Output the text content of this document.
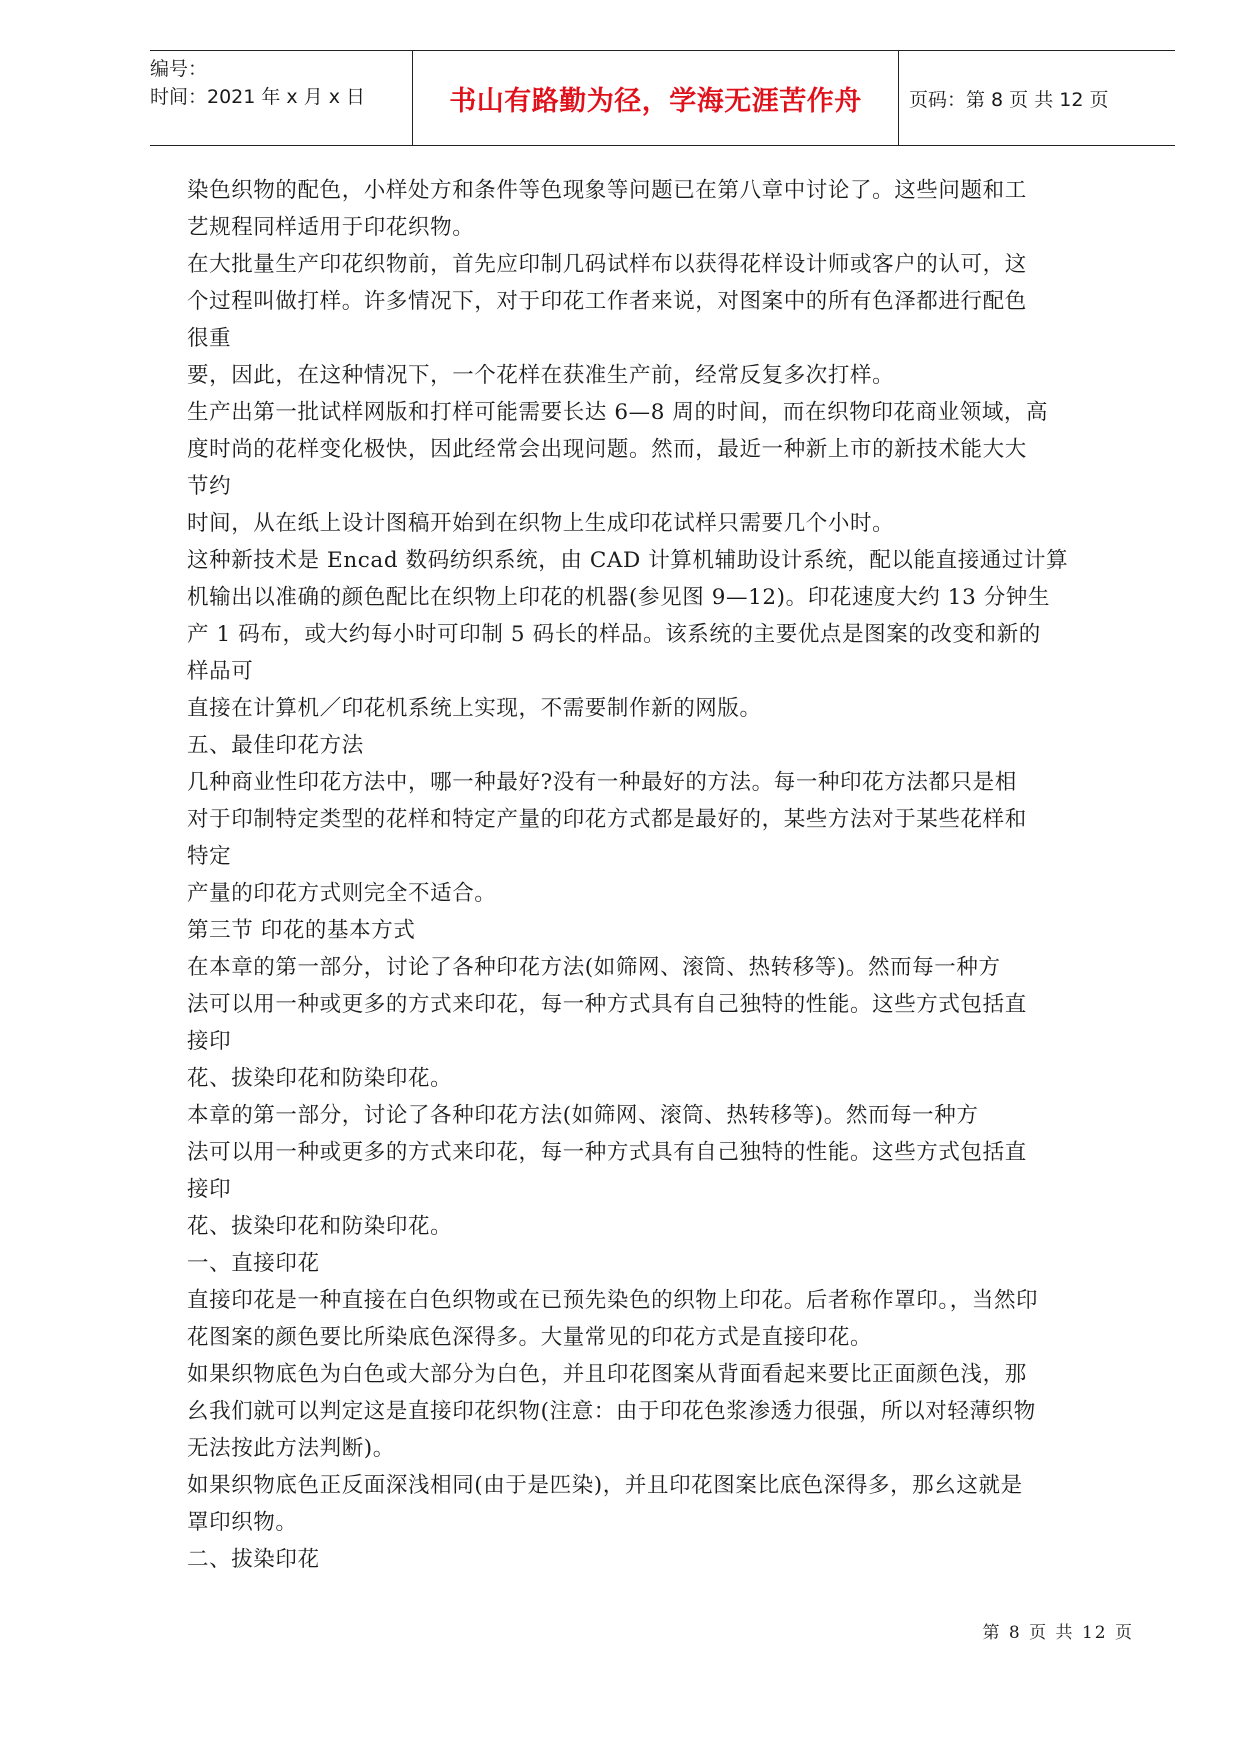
编号：
时间：2021 年 x 月 x 日	书山有路勤为径，学海无涯苦作舟 页码：第 8 页 共 12 页
染色织物的配色，小样处方和条件等色现象等问题已在第八章中讨论了。这些问题和工
艺规程同样适用于印花织物。
在大批量生产印花织物前，首先应印制几码试样布以获得花样设计师或客户的认可，这
个过程叫做打样。许多情况下，对于印花工作者来说，对图案中的所有色泽都进行配色
很重
要，因此，在这种情况下，一个花样在获准生产前，经常反复多次打样。
生产出第一批试样网版和打样可能需要长达 6—8 周的时间，而在织物印花商业领域，高
度时尚的花样变化极快，因此经常会出现问题。然而，最近一种新上市的新技术能大大
节约
时间，从在纸上设计图稿开始到在织物上生成印花试样只需要几个小时。
这种新技术是 Encad 数码纺织系统，由 CAD 计算机辅助设计系统，配以能直接通过计算
机输出以准确的颜色配比在织物上印花的机器(参见图 9—12)。印花速度大约 13 分钟生
产 1 码布，或大约每小时可印制 5 码长的样品。该系统的主要优点是图案的改变和新的
样品可
直接在计算机／印花机系统上实现，不需要制作新的网版。
五、最佳印花方法
几种商业性印花方法中，哪一种最好?没有一种最好的方法。每一种印花方法都只是相
对于印制特定类型的花样和特定产量的印花方式都是最好的，某些方法对于某些花样和
特定
产量的印花方式则完全不适合。
第三节 印花的基本方式
在本章的第一部分，讨论了各种印花方法(如筛网、滚筒、热转移等)。然而每一种方
法可以用一种或更多的方式来印花，每一种方式具有自己独特的性能。这些方式包括直
接印
花、拔染印花和防染印花。
本章的第一部分，讨论了各种印花方法(如筛网、滚筒、热转移等)。然而每一种方
法可以用一种或更多的方式来印花，每一种方式具有自己独特的性能。这些方式包括直
接印
花、拔染印花和防染印花。
一、直接印花
直接印花是一种直接在白色织物或在已预先染色的织物上印花。后者称作罩印。，当然印
花图案的颜色要比所染底色深得多。大量常见的印花方式是直接印花。
如果织物底色为白色或大部分为白色，并且印花图案从背面看起来要比正面颜色浅，那
幺我们就可以判定这是直接印花织物(注意：由于印花色浆渗透力很强，所以对轻薄织物
无法按此方法判断)。
如果织物底色正反面深浅相同(由于是匹染)，并且印花图案比底色深得多，那幺这就是
罩印织物。
二、拔染印花
第 8 页 共 12 页
